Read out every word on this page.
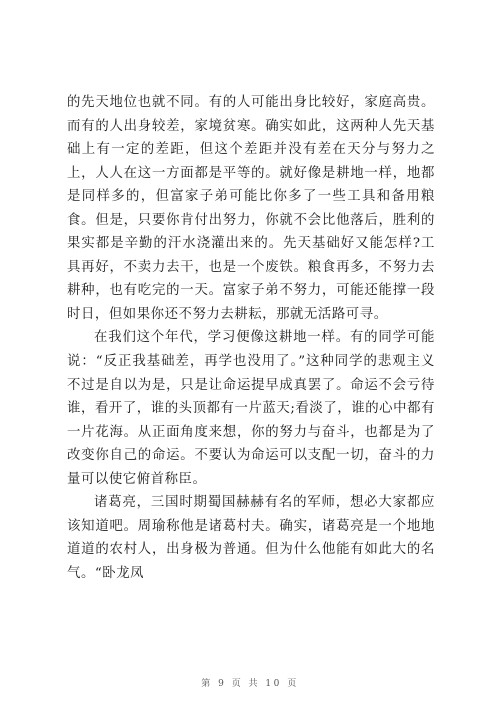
的先天地位也就不同。有的人可能出身比较好，家庭高贵。而有的人出身较差，家境贫寒。确实如此，这两种人先天基础上有一定的差距，但这个差距并没有差在天分与努力之上，人人在这一方面都是平等的。就好像是耕地一样，地都是同样多的，但富家子弟可能比你多了一些工具和备用粮食。但是，只要你肯付出努力，你就不会比他落后，胜利的果实都是辛勤的汗水浇灌出来的。先天基础好又能怎样?工具再好，不卖力去干，也是一个废铁。粮食再多，不努力去耕种，也有吃完的一天。富家子弟不努力，可能还能撑一段时日，但如果你还不努力去耕耘，那就无活路可寻。

在我们这个年代，学习便像这耕地一样。有的同学可能说：“反正我基础差，再学也没用了。”这种同学的悲观主义不过是自以为是，只是让命运提早成真罢了。命运不会亏待谁，看开了，谁的头顶都有一片蓝天;看淡了，谁的心中都有一片花海。从正面角度来想，你的努力与奋斗，也都是为了改变你自己的命运。不要认为命运可以支配一切，奋斗的力量可以使它俯首称臣。

诸葛亮，三国时期蜀国赫赫有名的军师，想必大家都应该知道吧。周瑜称他是诸葛村夫。确实，诸葛亮是一个地地道道的农村人，出身极为普通。但为什么他能有如此大的名气。“卧龙凤

第 9 页 共 10 页
